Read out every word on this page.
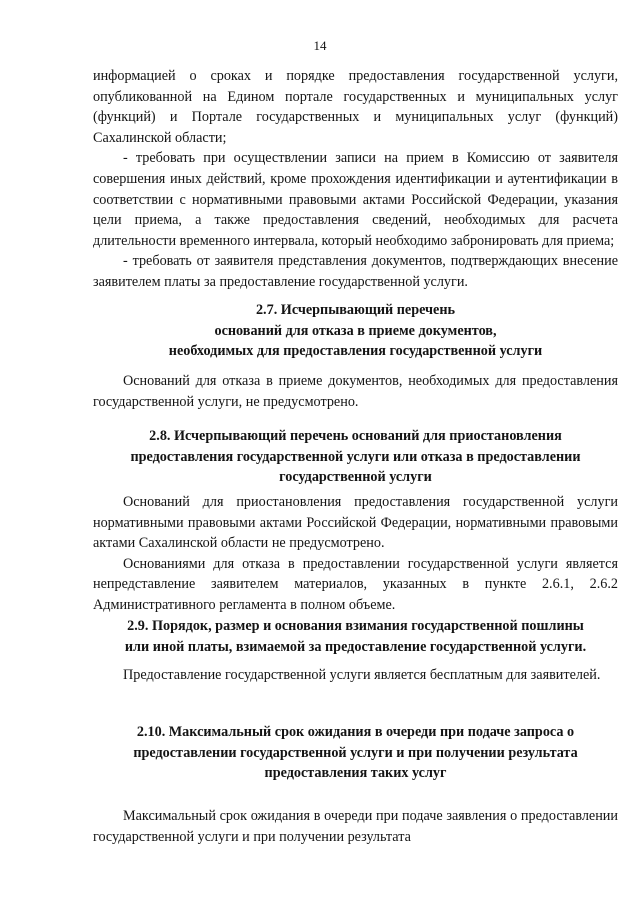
14

информацией о сроках и порядке предоставления государственной услуги, опубликованной на Едином портале государственных и муниципальных услуг (функций) и Портале государственных и муниципальных услуг (функций) Сахалинской области;

- требовать при осуществлении записи на прием в Комиссию от заявителя совершения иных действий, кроме прохождения идентификации и аутентификации в соответствии с нормативными правовыми актами Российской Федерации, указания цели приема, а также предоставления сведений, необходимых для расчета длительности временного интервала, который необходимо забронировать для приема;

- требовать от заявителя представления документов, подтверждающих внесение заявителем платы за предоставление государственной услуги.

2.7. Исчерпывающий перечень
оснований для отказа в приеме документов,
необходимых для предоставления государственной услуги

Оснований для отказа в приеме документов, необходимых для предоставления государственной услуги, не предусмотрено.

2.8. Исчерпывающий перечень оснований для приостановления
предоставления государственной услуги или отказа в предоставлении
государственной услуги

Оснований для приостановления предоставления государственной услуги нормативными правовыми актами Российской Федерации, нормативными правовыми актами Сахалинской области не предусмотрено.

Основаниями для отказа в предоставлении государственной услуги является непредставление заявителем материалов, указанных в пункте 2.6.1, 2.6.2 Административного регламента в полном объеме.

2.9. Порядок, размер и основания взимания государственной пошлины
или иной платы, взимаемой за предоставление государственной услуги.

Предоставление государственной услуги является бесплатным для заявителей.

2.10. Максимальный срок ожидания в очереди при подаче запроса о
предоставлении государственной услуги и при получении результата
предоставления таких услуг

Максимальный срок ожидания в очереди при подаче заявления о предоставлении государственной услуги и при получении результата
